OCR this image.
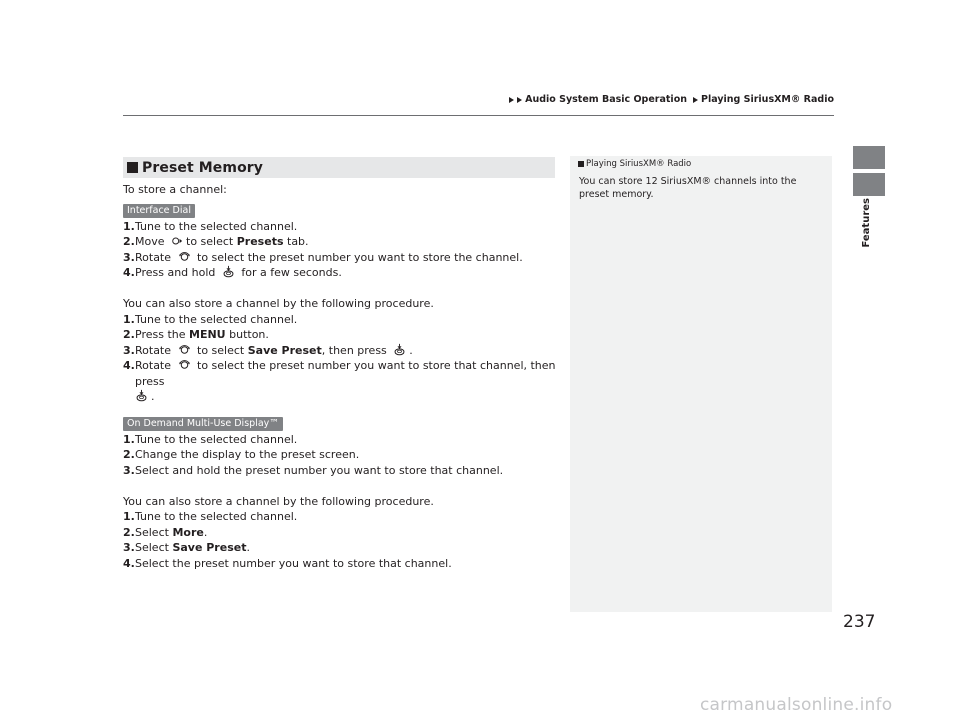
Audio System Basic Operation Playing SiriusXM® Radio
Features
Preset Memory

To store a channel:

Interface Dial
1. Tune to the selected channel.
2. Move to select Presets tab.
3. Rotate to select the preset number you want to store the channel.
4. Press and hold for a few seconds.

You can also store a channel by the following procedure.

1. Tune to the selected channel.
2. Press the MENU button.
3. Rotate to select Save Preset, then press .
4. Rotate to select the preset number you want to store that channel, then press
.
On Demand Multi-Use Display™
1. Tune to the selected channel.
2. Change the display to the preset screen.
3. Select and hold the preset number you want to store that channel.

You can also store a channel by the following procedure.

1. Tune to the selected channel.
2. Select More.
3. Select Save Preset.
4. Select the preset number you want to store that channel.
Playing SiriusXM® Radio
You can store 12 SiriusXM® channels into the preset memory.
237
carmanualsonline.info
